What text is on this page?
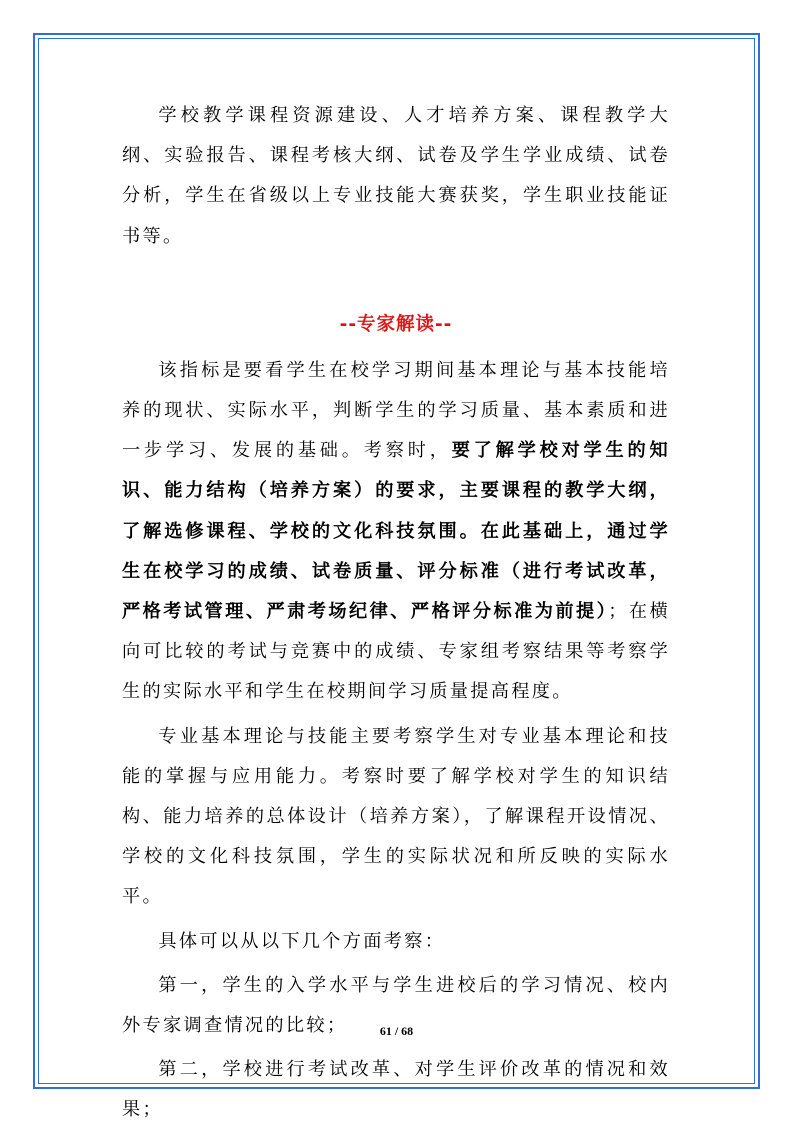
学校教学课程资源建设、人才培养方案、课程教学大纲、实验报告、课程考核大纲、试卷及学生学业成绩、试卷分析，学生在省级以上专业技能大赛获奖，学生职业技能证书等。

--专家解读--

该指标是要看学生在校学习期间基本理论与基本技能培养的现状、实际水平，判断学生的学习质量、基本素质和进一步学习、发展的基础。考察时，要了解学校对学生的知识、能力结构（培养方案）的要求，主要课程的教学大纲，了解选修课程、学校的文化科技氛围。在此基础上，通过学生在校学习的成绩、试卷质量、评分标准（进行考试改革，严格考试管理、严肃考场纪律、严格评分标准为前提）；在横向可比较的考试与竞赛中的成绩、专家组考察结果等考察学生的实际水平和学生在校期间学习质量提高程度。

专业基本理论与技能主要考察学生对专业基本理论和技能的掌握与应用能力。考察时要了解学校对学生的知识结构、能力培养的总体设计（培养方案），了解课程开设情况、学校的文化科技氛围，学生的实际状况和所反映的实际水平。

具体可以从以下几个方面考察：

第一，学生的入学水平与学生进校后的学习情况、校内外专家调查情况的比较；

第二，学校进行考试改革、对学生评价改革的情况和效果；

61 / 68
